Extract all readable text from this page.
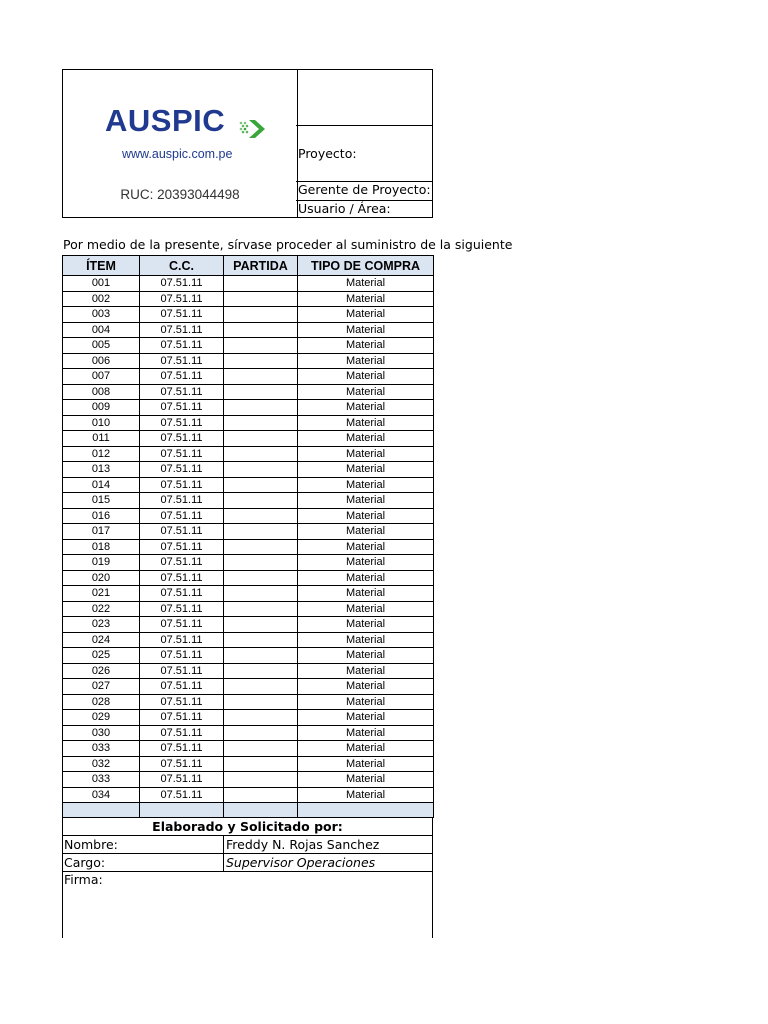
AUSPIC
www.auspic.com.pe
RUC: 20393044498
Proyecto:
Gerente de Proyecto:
Usuario / Área:
Por medio de la presente, sírvase proceder al suministro de la siguiente
ÍTEM	C.C.	PARTIDA	TIPO DE COMPRA
001	07.51.11		Material
002	07.51.11		Material
003	07.51.11		Material
004	07.51.11		Material
005	07.51.11		Material
006	07.51.11		Material
007	07.51.11		Material
008	07.51.11		Material
009	07.51.11		Material
010	07.51.11		Material
011	07.51.11		Material
012	07.51.11		Material
013	07.51.11		Material
014	07.51.11		Material
015	07.51.11		Material
016	07.51.11		Material
017	07.51.11		Material
018	07.51.11		Material
019	07.51.11		Material
020	07.51.11		Material
021	07.51.11		Material
022	07.51.11		Material
023	07.51.11		Material
024	07.51.11		Material
025	07.51.11		Material
026	07.51.11		Material
027	07.51.11		Material
028	07.51.11		Material
029	07.51.11		Material
030	07.51.11		Material
033	07.51.11		Material
032	07.51.11		Material
033	07.51.11		Material
034	07.51.11		Material

Elaborado y Solicitado por:
Nombre:	Freddy N. Rojas Sanchez
Cargo:	Supervisor Operaciones
Firma:
